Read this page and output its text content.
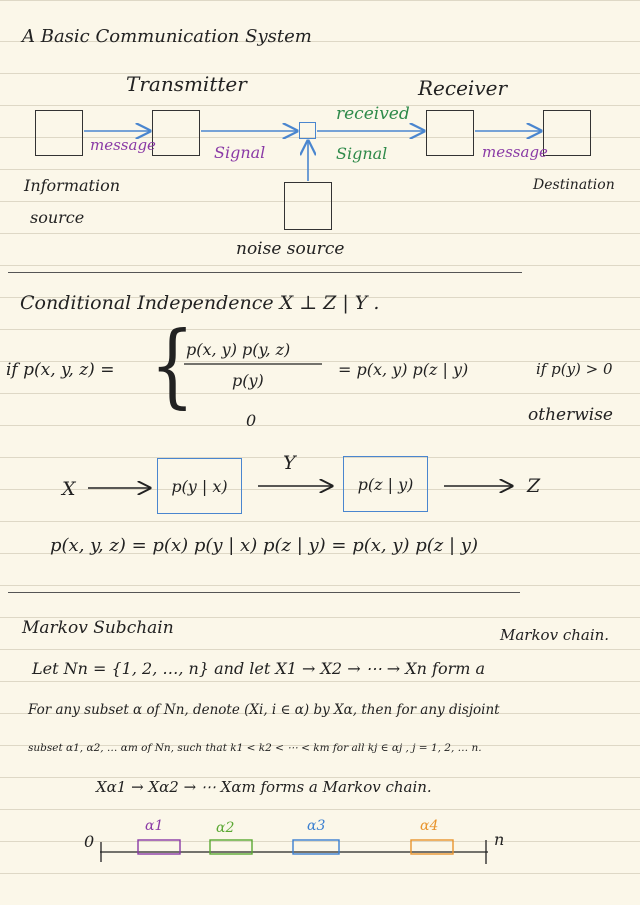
A Basic Communication System
Transmitter	Receiver
message	Signal
received
Signal	message
Information
source
Destination
noise source
Conditional Independence X ⊥ Z | Y .
if p(x, y, z) = {
p(x, y) p(y, z)
p(y)
= p(x, y) p(z | y)	if p(y) > 0
0	otherwise
X	p(y | x)
Y
p(z | y)	Z
p(x, y, z) = p(x) p(y | x) p(z | y) = p(x, y) p(z | y)
Markov Subchain	Markov chain.
Let Nn = {1, 2, …, n} and let X1 → X2 → ⋯ → Xn form a
For any subset α of Nn, denote (Xi, i ∈ α) by Xα, then for any disjoint
subset α1, α2, … αm of Nn, such that k1 < k2 < ⋯ < km for all kj ∈ αj , j = 1, 2, … n.
Xα1 → Xα2 → ⋯ Xαm forms a Markov chain.
0	n
α1	α2	α3	α4
